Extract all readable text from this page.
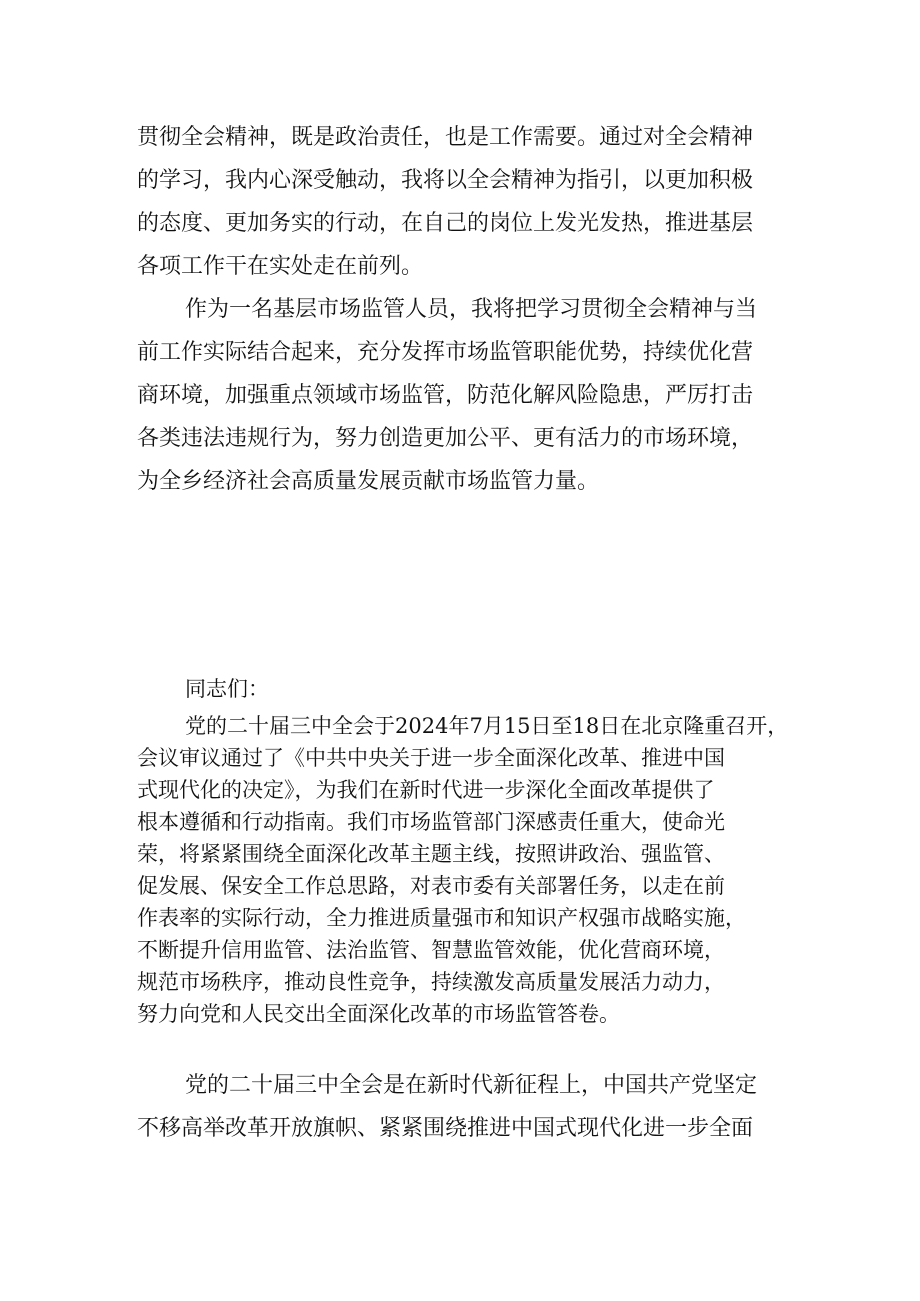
贯彻全会精神，既是政治责任，也是工作需要。通过对全会精神

的学习，我内心深受触动，我将以全会精神为指引，以更加积极

的态度、更加务实的行动，在自己的岗位上发光发热，推进基层

各项工作干在实处走在前列。

作为一名基层市场监管人员，我将把学习贯彻全会精神与当

前工作实际结合起来，充分发挥市场监管职能优势，持续优化营

商环境，加强重点领域市场监管，防范化解风险隐患，严厉打击

各类违法违规行为，努力创造更加公平、更有活力的市场环境，

为全乡经济社会高质量发展贡献市场监管力量。

同志们：

党的二十届三中全会于2024年7月15日至18日在北京隆重召开，

会议审议通过了《中共中央关于进一步全面深化改革、推进中国

式现代化的决定》，为我们在新时代进一步深化全面改革提供了

根本遵循和行动指南。我们市场监管部门深感责任重大，使命光

荣，将紧紧围绕全面深化改革主题主线，按照讲政治、强监管、

促发展、保安全工作总思路，对表市委有关部署任务，以走在前

作表率的实际行动，全力推进质量强市和知识产权强市战略实施，

不断提升信用监管、法治监管、智慧监管效能，优化营商环境，

规范市场秩序，推动良性竞争，持续激发高质量发展活力动力，

努力向党和人民交出全面深化改革的市场监管答卷。

党的二十届三中全会是在新时代新征程上，中国共产党坚定

不移高举改革开放旗帜、紧紧围绕推进中国式现代化进一步全面
